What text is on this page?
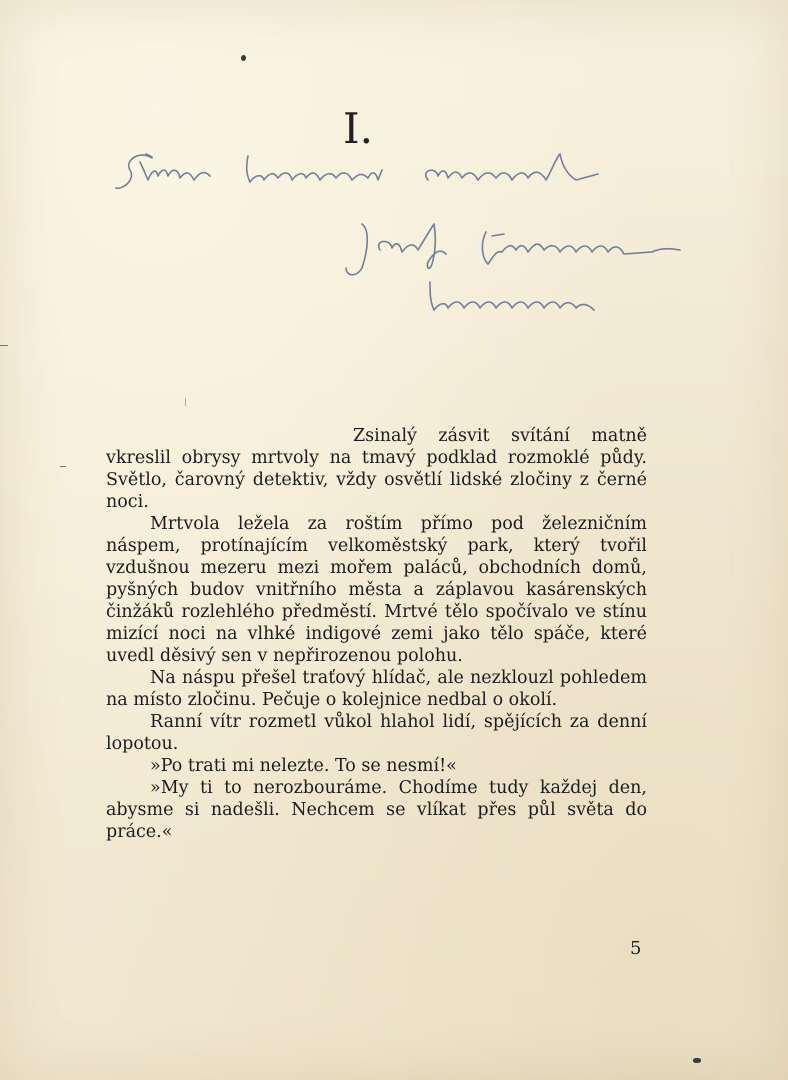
I.

Zsinalý zásvit svítání matně vkreslil obrysy mrtvoly na tmavý podklad rozmoklé půdy. Světlo, čarovný detektiv, vždy osvětlí lidské zločiny z černé noci.

Mrtvola ležela za roštím přímo pod železničním náspem, protínajícím velkoměstský park, který tvořil vzdušnou mezeru mezi mořem paláců, obchodních domů, pyšných budov vnitřního města a záplavou kasárenských činžáků rozlehlého předměstí. Mrtvé tělo spočívalo ve stínu mizící noci na vlhké indigové zemi jako tělo spáče, které uvedl děsivý sen v nepřirozenou polohu.

Na náspu přešel traťový hlídač, ale nezklouzl pohledem na místo zločinu. Pečuje o kolejnice nedbal o okolí.

Ranní vítr rozmetl vůkol hlahol lidí, spějících za denní lopotou.

»Po trati mi nelezte. To se nesmí!«

»My ti to nerozbouráme. Chodíme tudy každej den, abysme si nadešli. Nechcem se vlíkat přes půl světa do práce.«

5
